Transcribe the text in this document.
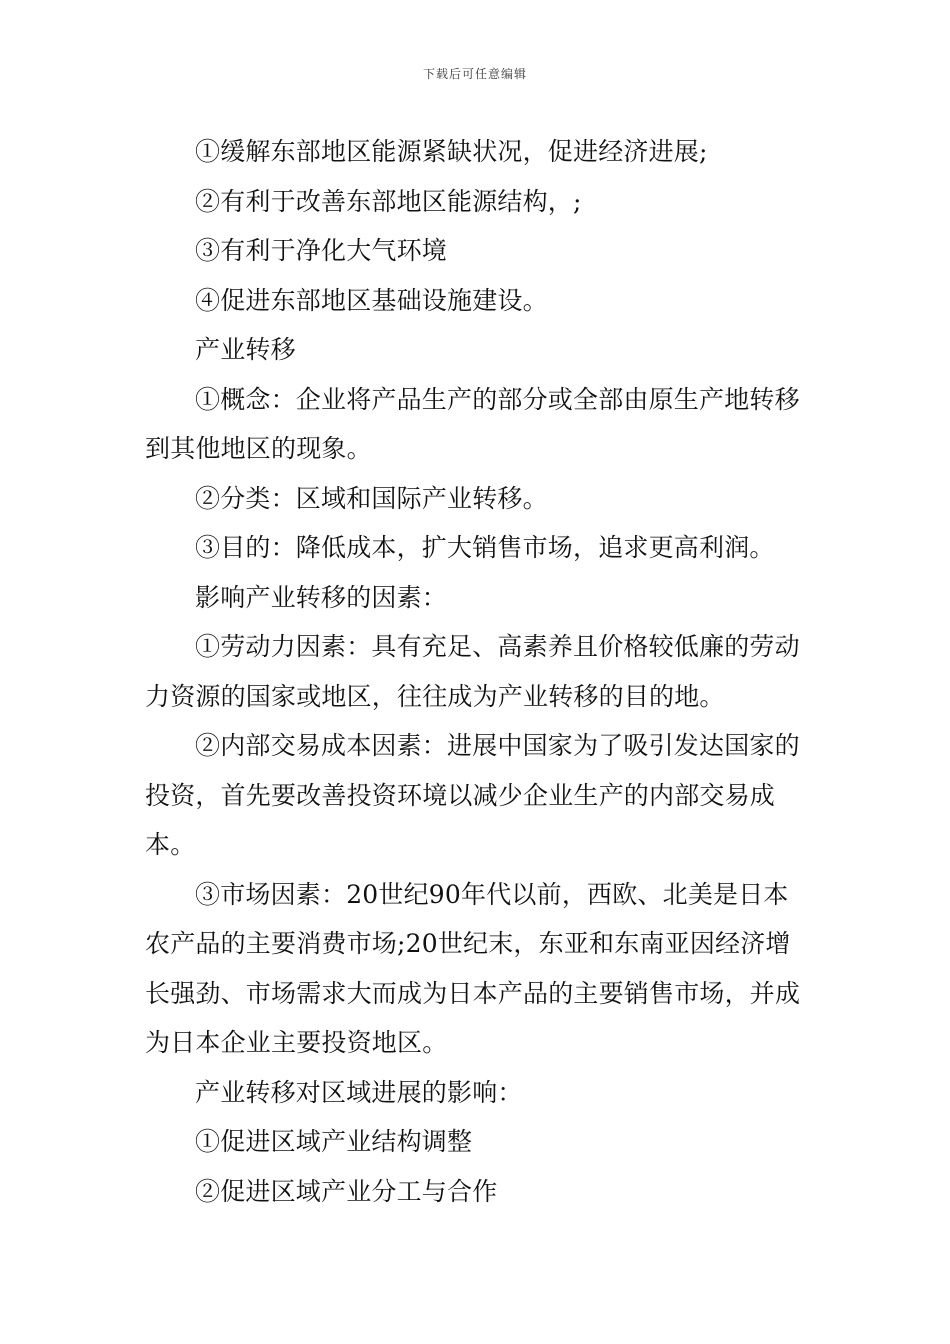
下载后可任意编辑

①缓解东部地区能源紧缺状况，促进经济进展;

②有利于改善东部地区能源结构，;

③有利于净化大气环境

④促进东部地区基础设施建设。

产业转移

①概念：企业将产品生产的部分或全部由原生产地转移到其他地区的现象。

②分类：区域和国际产业转移。

③目的：降低成本，扩大销售市场，追求更高利润。

影响产业转移的因素：

①劳动力因素：具有充足、高素养且价格较低廉的劳动力资源的国家或地区，往往成为产业转移的目的地。

②内部交易成本因素：进展中国家为了吸引发达国家的投资，首先要改善投资环境以减少企业生产的内部交易成本。

③市场因素：20世纪90年代以前，西欧、北美是日本农产品的主要消费市场;20世纪末，东亚和东南亚因经济增长强劲、市场需求大而成为日本产品的主要销售市场，并成为日本企业主要投资地区。

产业转移对区域进展的影响：

①促进区域产业结构调整

②促进区域产业分工与合作
